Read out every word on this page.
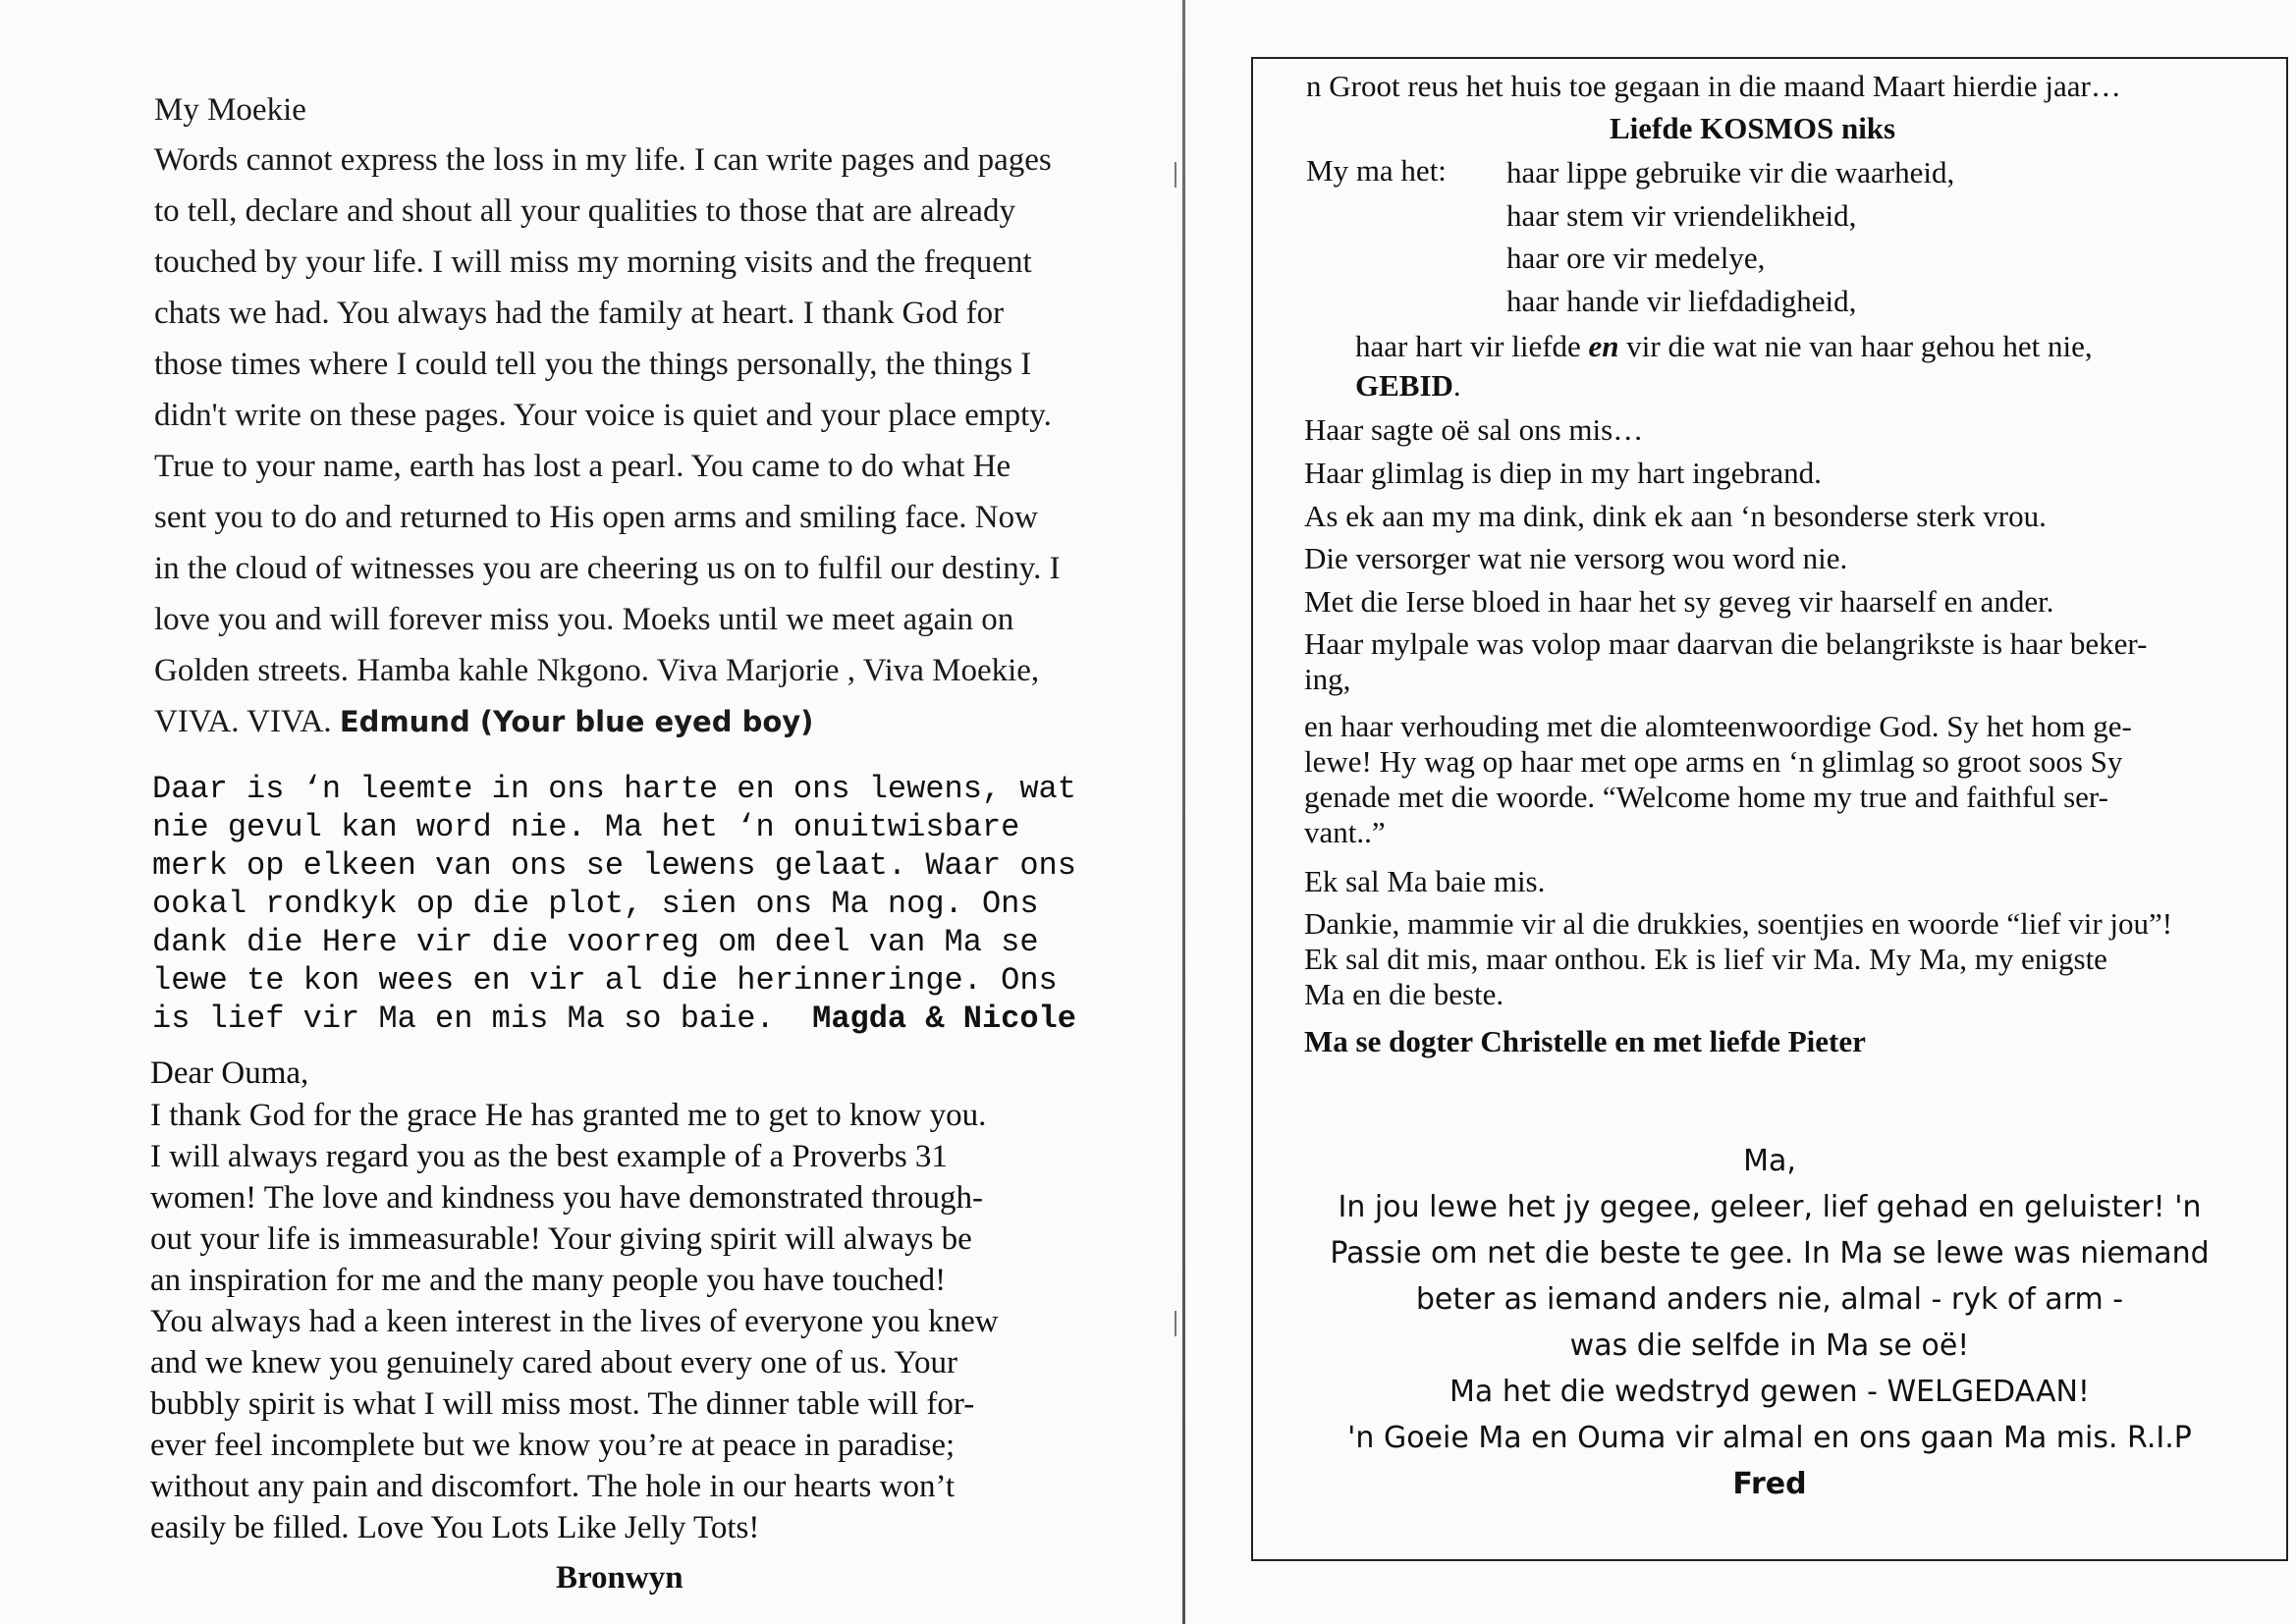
My Moekie
Words cannot express the loss in my life. I can write pages and pages
to tell, declare and shout all your qualities to those that are already
touched by your life. I will miss my morning visits and the frequent
chats we had. You always had the family at heart. I thank God for
those times where I could tell you the things personally, the things I
didn't write on these pages. Your voice is quiet and your place empty.
True to your name, earth has lost a pearl. You came to do what He
sent you to do and returned to His open arms and smiling face. Now
in the cloud of witnesses you are cheering us on to fulfil our destiny. I
love you and will forever miss you. Moeks until we meet again on
Golden streets. Hamba kahle Nkgono. Viva Marjorie , Viva Moekie,
VIVA. VIVA. Edmund (Your blue eyed boy)
Daar is ‘n leemte in ons harte en ons lewens, wat
nie gevul kan word nie. Ma het ‘n onuitwisbare
merk op elkeen van ons se lewens gelaat. Waar ons
ookal rondkyk op die plot, sien ons Ma nog. Ons
dank die Here vir die voorreg om deel van Ma se
lewe te kon wees en vir al die herinneringe. Ons
is lief vir Ma en mis Ma so baie. Magda & Nicole
Dear Ouma,
I thank God for the grace He has granted me to get to know you.
I will always regard you as the best example of a Proverbs 31
women! The love and kindness you have demonstrated through-
out your life is immeasurable! Your giving spirit will always be
an inspiration for me and the many people you have touched!
You always had a keen interest in the lives of everyone you knew
and we knew you genuinely cared about every one of us. Your
bubbly spirit is what I will miss most. The dinner table will for-
ever feel incomplete but we know you’re at peace in paradise;
without any pain and discomfort. The hole in our hearts won’t
easily be filled. Love You Lots Like Jelly Tots!
Bronwyn
n Groot reus het huis toe gegaan in die maand Maart hierdie jaar…
Liefde KOSMOS niks
My ma het: haar lippe gebruike vir die waarheid,
haar stem vir vriendelikheid,
haar ore vir medelye,
haar hande vir liefdadigheid,
haar hart vir liefde en vir die wat nie van haar gehou het nie,
GEBID.
Haar sagte oë sal ons mis…
Haar glimlag is diep in my hart ingebrand.
As ek aan my ma dink, dink ek aan ‘n besonderse sterk vrou.
Die versorger wat nie versorg wou word nie.
Met die Ierse bloed in haar het sy geveg vir haarself en ander.
Haar mylpale was volop maar daarvan die belangrikste is haar beker-
ing,
en haar verhouding met die alomteenwoordige God. Sy het hom ge-
lewe! Hy wag op haar met ope arms en ‘n glimlag so groot soos Sy
genade met die woorde. “Welcome home my true and faithful ser-
vant..”
Ek sal Ma baie mis.
Dankie, mammie vir al die drukkies, soentjies en woorde “lief vir jou”!
Ek sal dit mis, maar onthou. Ek is lief vir Ma. My Ma, my enigste
Ma en die beste.
Ma se dogter Christelle en met liefde Pieter
Ma,
In jou lewe het jy gegee, geleer, lief gehad en geluister! 'n
Passie om net die beste te gee. In Ma se lewe was niemand
beter as iemand anders nie, almal - ryk of arm -
was die selfde in Ma se oë!
Ma het die wedstryd gewen - WELGEDAAN!
'n Goeie Ma en Ouma vir almal en ons gaan Ma mis. R.I.P
Fred
